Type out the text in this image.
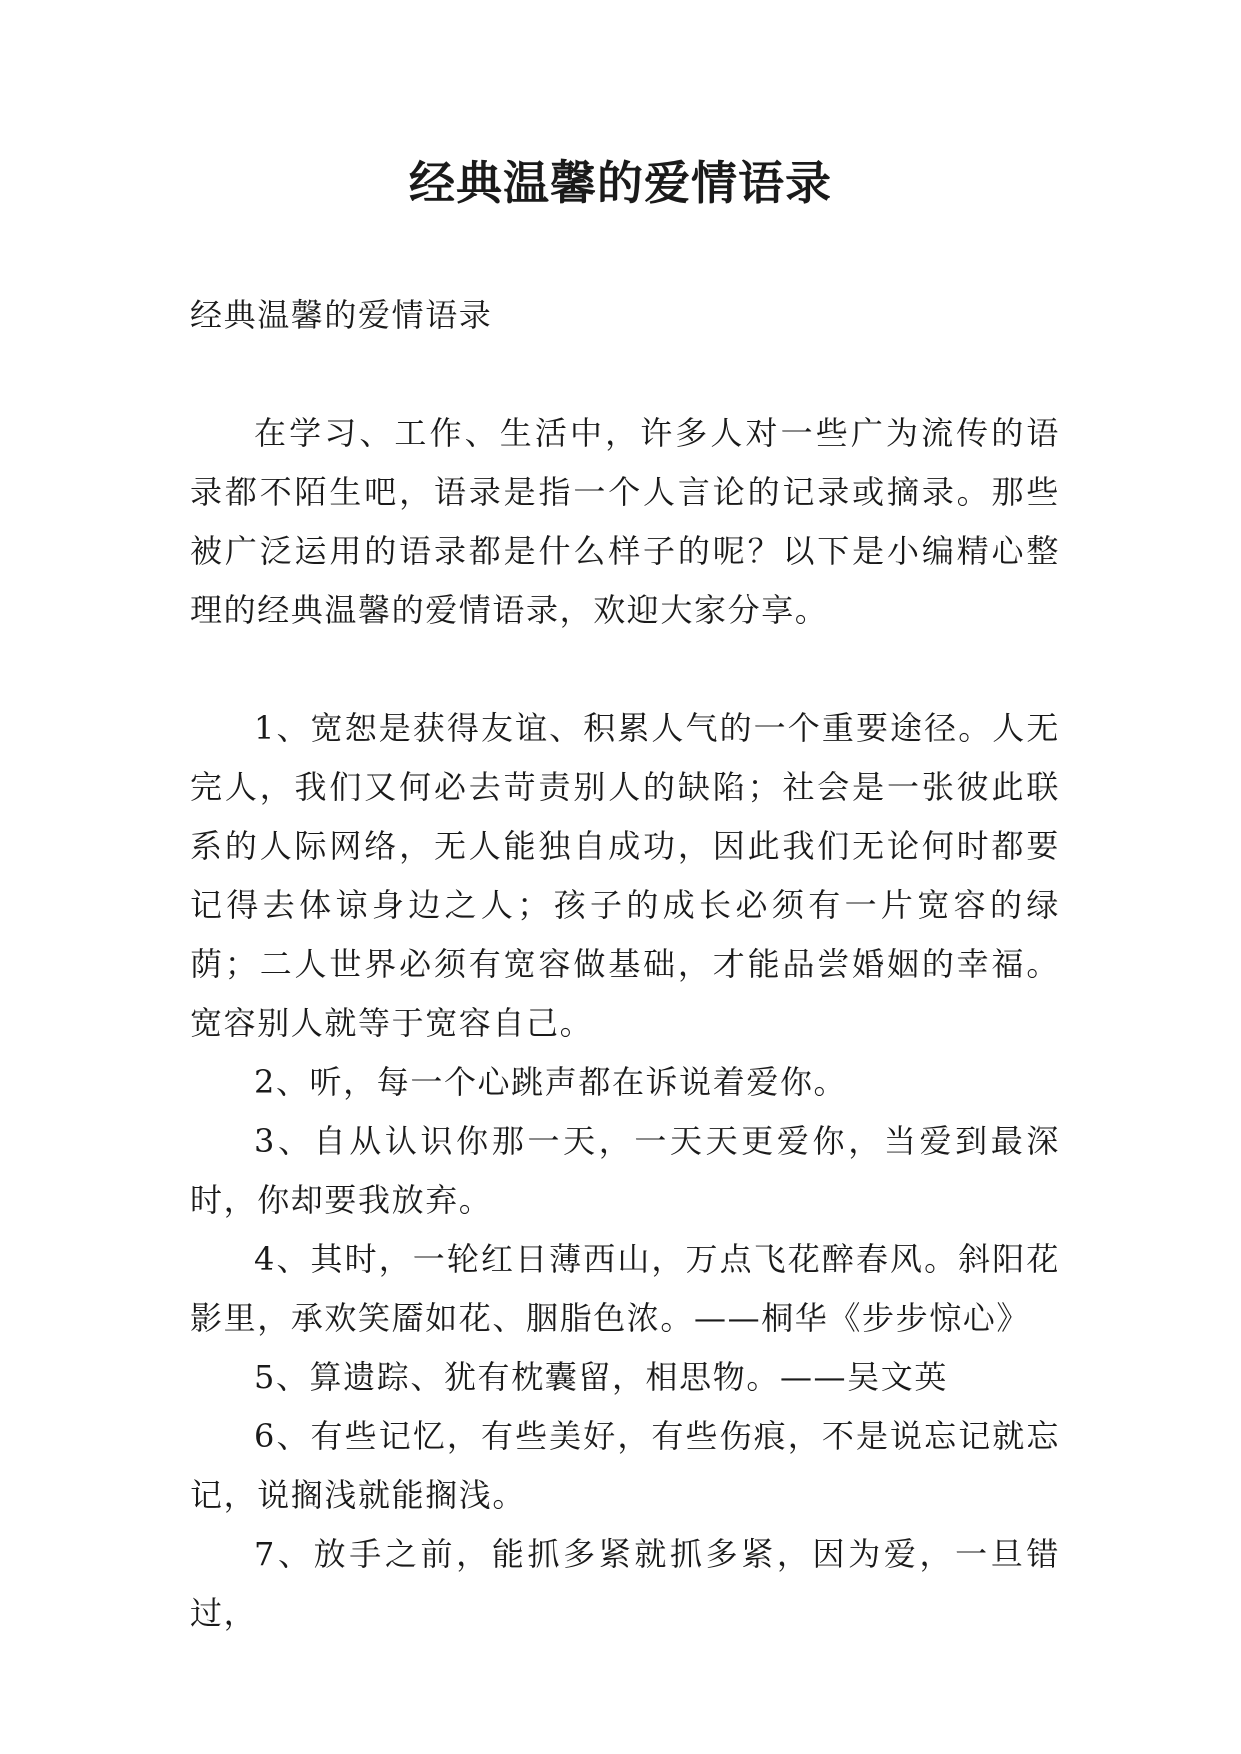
经典温馨的爱情语录

经典温馨的爱情语录

在学习、工作、生活中，许多人对一些广为流传的语录都不陌生吧，语录是指一个人言论的记录或摘录。那些被广泛运用的语录都是什么样子的呢？以下是小编精心整理的经典温馨的爱情语录，欢迎大家分享。

1、宽恕是获得友谊、积累人气的一个重要途径。人无完人，我们又何必去苛责别人的缺陷；社会是一张彼此联系的人际网络，无人能独自成功，因此我们无论何时都要记得去体谅身边之人；孩子的成长必须有一片宽容的绿荫；二人世界必须有宽容做基础，才能品尝婚姻的幸福。宽容别人就等于宽容自己。

2、听，每一个心跳声都在诉说着爱你。

3、自从认识你那一天，一天天更爱你，当爱到最深时，你却要我放弃。

4、其时，一轮红日薄西山，万点飞花醉春风。斜阳花影里，承欢笑靥如花、胭脂色浓。——桐华《步步惊心》

5、算遗踪、犹有枕囊留，相思物。——吴文英

6、有些记忆，有些美好，有些伤痕，不是说忘记就忘记，说搁浅就能搁浅。

7、放手之前，能抓多紧就抓多紧，因为爱，一旦错过，
